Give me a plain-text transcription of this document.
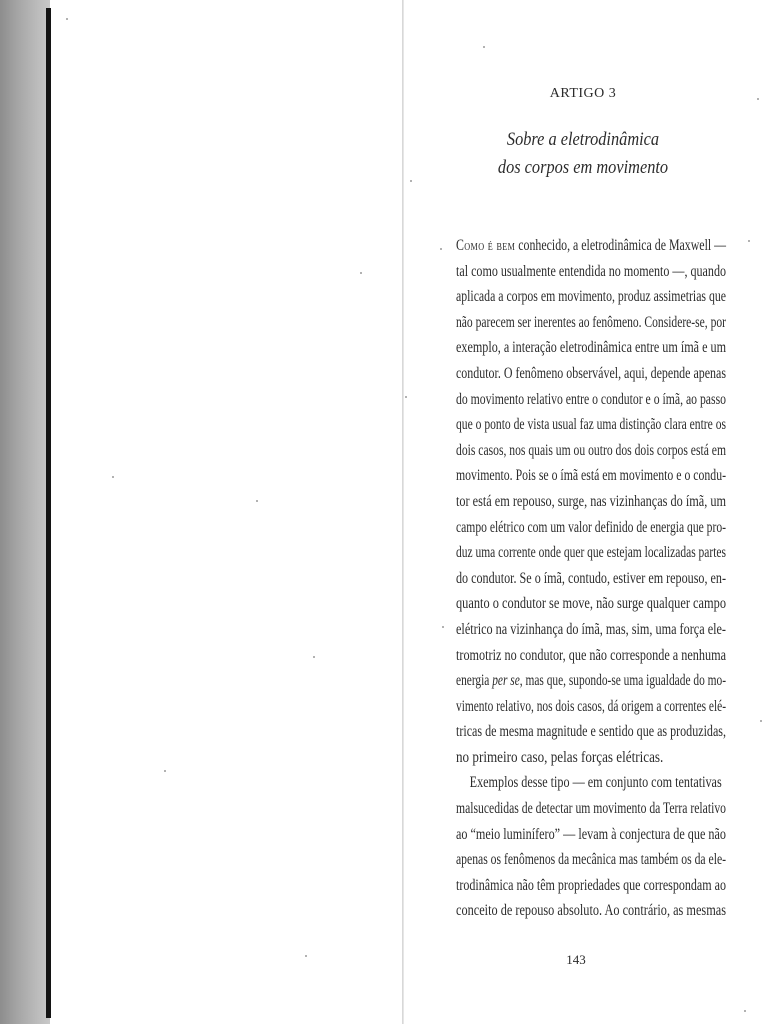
ARTIGO 3
Sobre a eletrodinâmica
dos corpos em movimento
Como é bem conhecido, a eletrodinâmica de Maxwell —
tal como usualmente entendida no momento —, quando
aplicada a corpos em movimento, produz assimetrias que
não parecem ser inerentes ao fenômeno. Considere-se, por
exemplo, a interação eletrodinâmica entre um ímã e um
condutor. O fenômeno observável, aqui, depende apenas
do movimento relativo entre o condutor e o ímã, ao passo
que o ponto de vista usual faz uma distinção clara entre os
dois casos, nos quais um ou outro dos dois corpos está em
movimento. Pois se o ímã está em movimento e o condu-
tor está em repouso, surge, nas vizinhanças do ímã, um
campo elétrico com um valor definido de energia que pro-
duz uma corrente onde quer que estejam localizadas partes
do condutor. Se o ímã, contudo, estiver em repouso, en-
quanto o condutor se move, não surge qualquer campo
elétrico na vizinhança do ímã, mas, sim, uma força ele-
tromotriz no condutor, que não corresponde a nenhuma
energia per se, mas que, supondo-se uma igualdade do mo-
vimento relativo, nos dois casos, dá origem a correntes elé-
tricas de mesma magnitude e sentido que as produzidas,
no primeiro caso, pelas forças elétricas.
Exemplos desse tipo — em conjunto com tentativas
malsucedidas de detectar um movimento da Terra relativo
ao “meio luminífero” — levam à conjectura de que não
apenas os fenômenos da mecânica mas também os da ele-
trodinâmica não têm propriedades que correspondam ao
conceito de repouso absoluto. Ao contrário, as mesmas
143
